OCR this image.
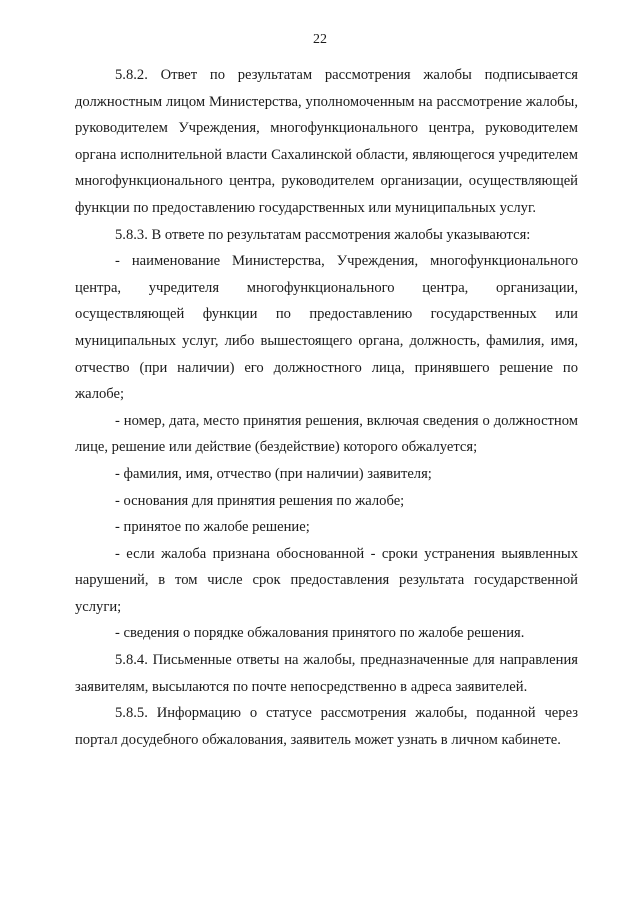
22

5.8.2. Ответ по результатам рассмотрения жалобы подписывается должностным лицом Министерства, уполномоченным на рассмотрение жалобы, руководителем Учреждения, многофункционального центра, руководителем органа исполнительной власти Сахалинской области, являющегося учредителем многофункционального центра, руководителем организации, осуществляющей функции по предоставлению государственных или муниципальных услуг.

5.8.3. В ответе по результатам рассмотрения жалобы указываются:

- наименование Министерства, Учреждения, многофункционального центра, учредителя многофункционального центра, организации, осуществляющей функции по предоставлению государственных или муниципальных услуг, либо вышестоящего органа, должность, фамилия, имя, отчество (при наличии) его должностного лица, принявшего решение по жалобе;

- номер, дата, место принятия решения, включая сведения о должностном лице, решение или действие (бездействие) которого обжалуется;

- фамилия, имя, отчество (при наличии) заявителя;

- основания для принятия решения по жалобе;

- принятое по жалобе решение;

- если жалоба признана обоснованной - сроки устранения выявленных нарушений, в том числе срок предоставления результата государственной услуги;

- сведения о порядке обжалования принятого по жалобе решения.

5.8.4. Письменные ответы на жалобы, предназначенные для направления заявителям, высылаются по почте непосредственно в адреса заявителей.

5.8.5. Информацию о статусе рассмотрения жалобы, поданной через портал досудебного обжалования, заявитель может узнать в личном кабинете.
